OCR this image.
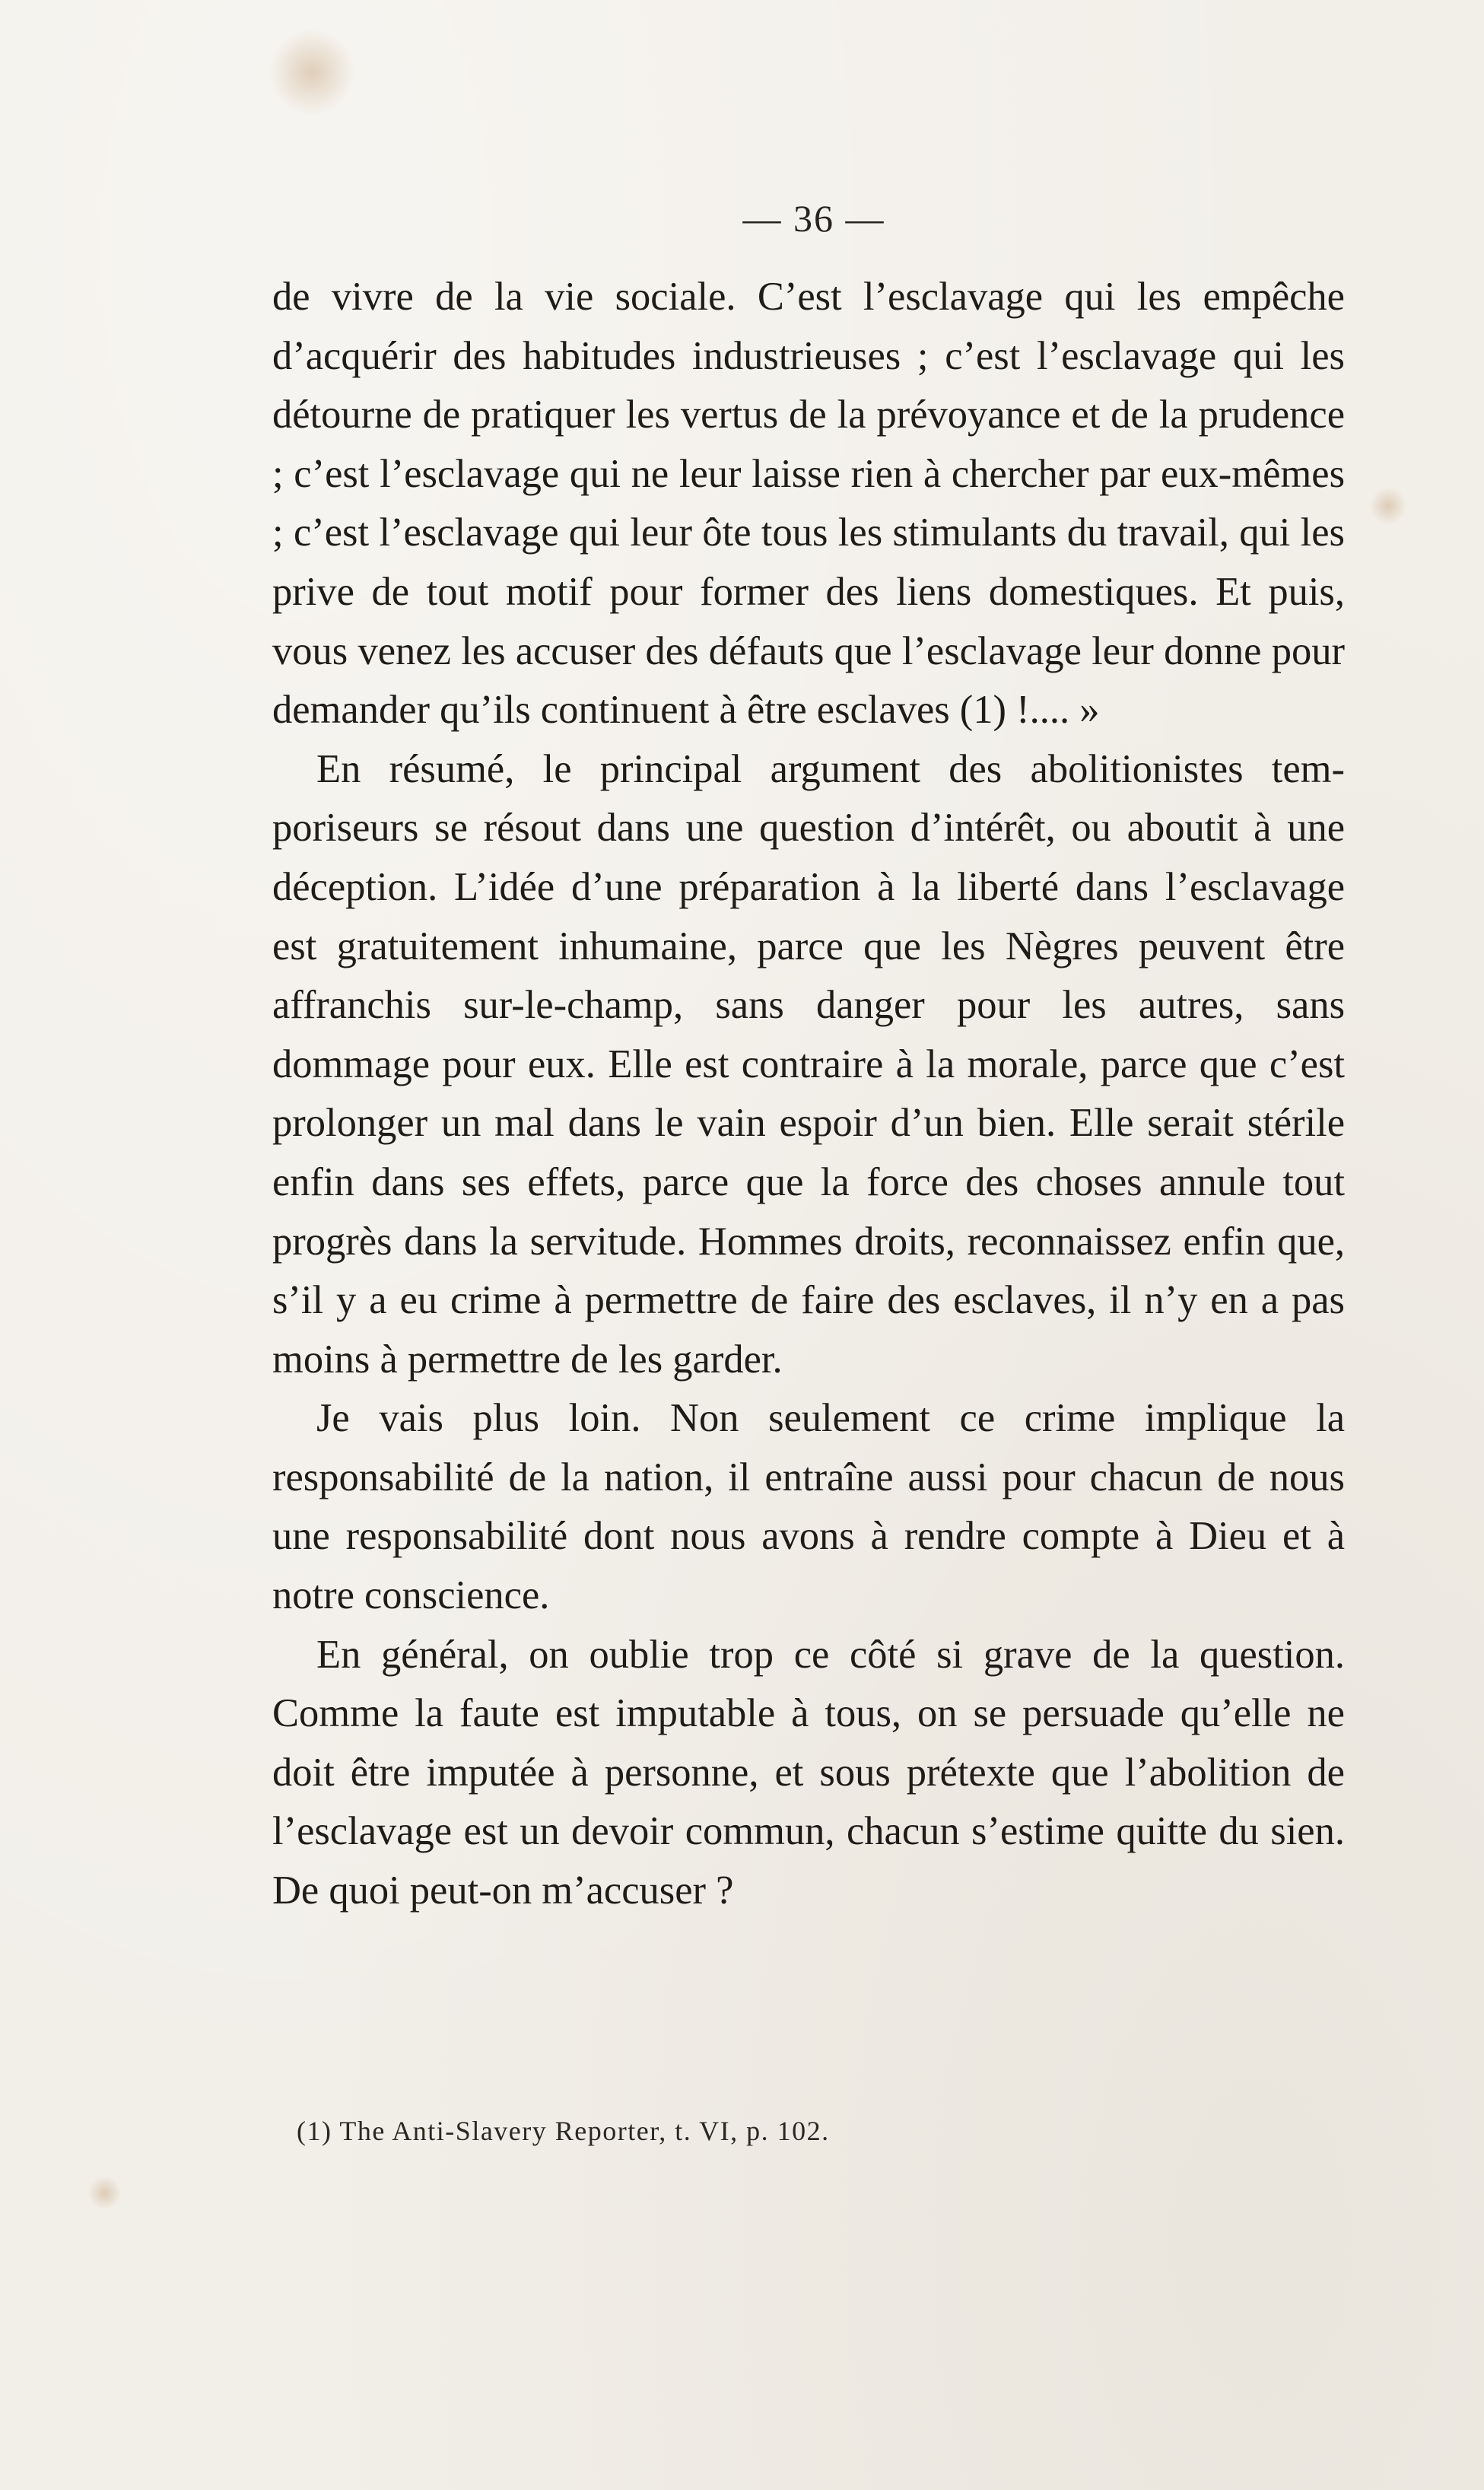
— 36 —

de vivre de la vie sociale. C’est l’esclavage qui les empêche d’acquérir des habitudes industrieuses ; c’est l’esclavage qui les détourne de pratiquer les vertus de la prévoyance et de la prudence ; c’est l’esclavage qui ne leur laisse rien à chercher par eux-mêmes ; c’est l’esclavage qui leur ôte tous les stimulants du travail, qui les prive de tout motif pour former des liens domestiques. Et puis, vous venez les accuser des défauts que l’esclavage leur donne pour demander qu’ils continuent à être esclaves (1) !.... »

En résumé, le principal argument des abolitionistes temporiseurs se résout dans une question d’intérêt, ou aboutit à une déception. L’idée d’une préparation à la liberté dans l’esclavage est gratuitement inhumaine, parce que les Nègres peuvent être affranchis sur-le-champ, sans danger pour les autres, sans dommage pour eux. Elle est contraire à la morale, parce que c’est prolonger un mal dans le vain espoir d’un bien. Elle serait stérile enfin dans ses effets, parce que la force des choses annule tout progrès dans la servitude. Hommes droits, reconnaissez enfin que, s’il y a eu crime à permettre de faire des esclaves, il n’y en a pas moins à permettre de les garder.

Je vais plus loin. Non seulement ce crime implique la responsabilité de la nation, il entraîne aussi pour chacun de nous une responsabilité dont nous avons à rendre compte à Dieu et à notre conscience.

En général, on oublie trop ce côté si grave de la question. Comme la faute est imputable à tous, on se persuade qu’elle ne doit être imputée à personne, et sous prétexte que l’abolition de l’esclavage est un devoir commun, chacun s’estime quitte du sien. De quoi peut-on m’accuser ?

(1) The Anti-Slavery Reporter, t. VI, p. 102.
